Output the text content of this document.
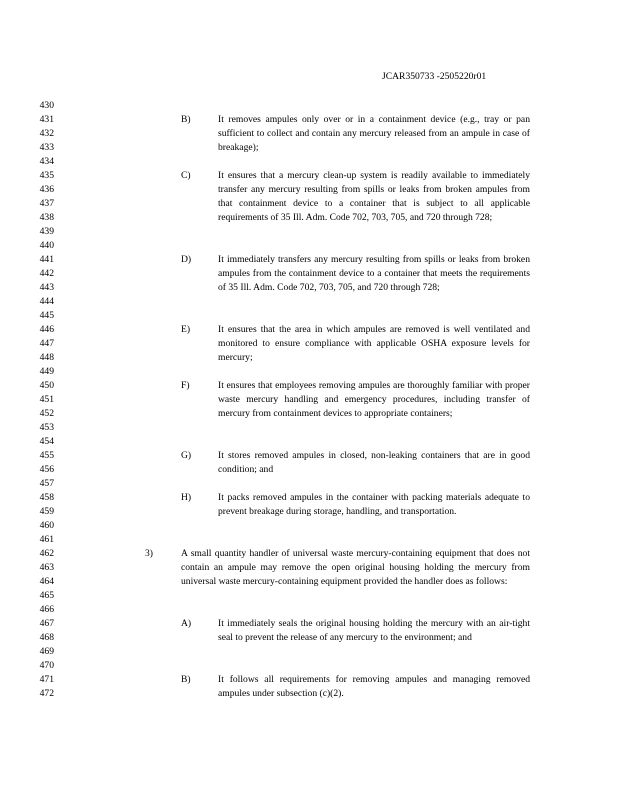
JCAR350733 -2505220r01
430
431
432
433
434
435
436
437
438
439
440
441
442
443
444
445
446
447
448
449
450
451
452
453
454
455
456
457
458
459
460
461
462
463
464
465
466
467
468
469
470
471
472
B)	It removes ampules only over or in a containment device (e.g., tray or pan sufficient to collect and contain any mercury released from an ampule in case of breakage);
C)	It ensures that a mercury clean-up system is readily available to immediately transfer any mercury resulting from spills or leaks from broken ampules from that containment device to a container that is subject to all applicable requirements of 35 Ill. Adm. Code 702, 703, 705, and 720 through 728;
D)	It immediately transfers any mercury resulting from spills or leaks from broken ampules from the containment device to a container that meets the requirements of 35 Ill. Adm. Code 702, 703, 705, and 720 through 728;
E)	It ensures that the area in which ampules are removed is well ventilated and monitored to ensure compliance with applicable OSHA exposure levels for mercury;
F)	It ensures that employees removing ampules are thoroughly familiar with proper waste mercury handling and emergency procedures, including transfer of mercury from containment devices to appropriate containers;
G)	It stores removed ampules in closed, non-leaking containers that are in good condition; and
H)	It packs removed ampules in the container with packing materials adequate to prevent breakage during storage, handling, and transportation.
3)	A small quantity handler of universal waste mercury-containing equipment that does not contain an ampule may remove the open original housing holding the mercury from universal waste mercury-containing equipment provided the handler does as follows:
A)	It immediately seals the original housing holding the mercury with an air-tight seal to prevent the release of any mercury to the environment; and
B)	It follows all requirements for removing ampules and managing removed ampules under subsection (c)(2).
